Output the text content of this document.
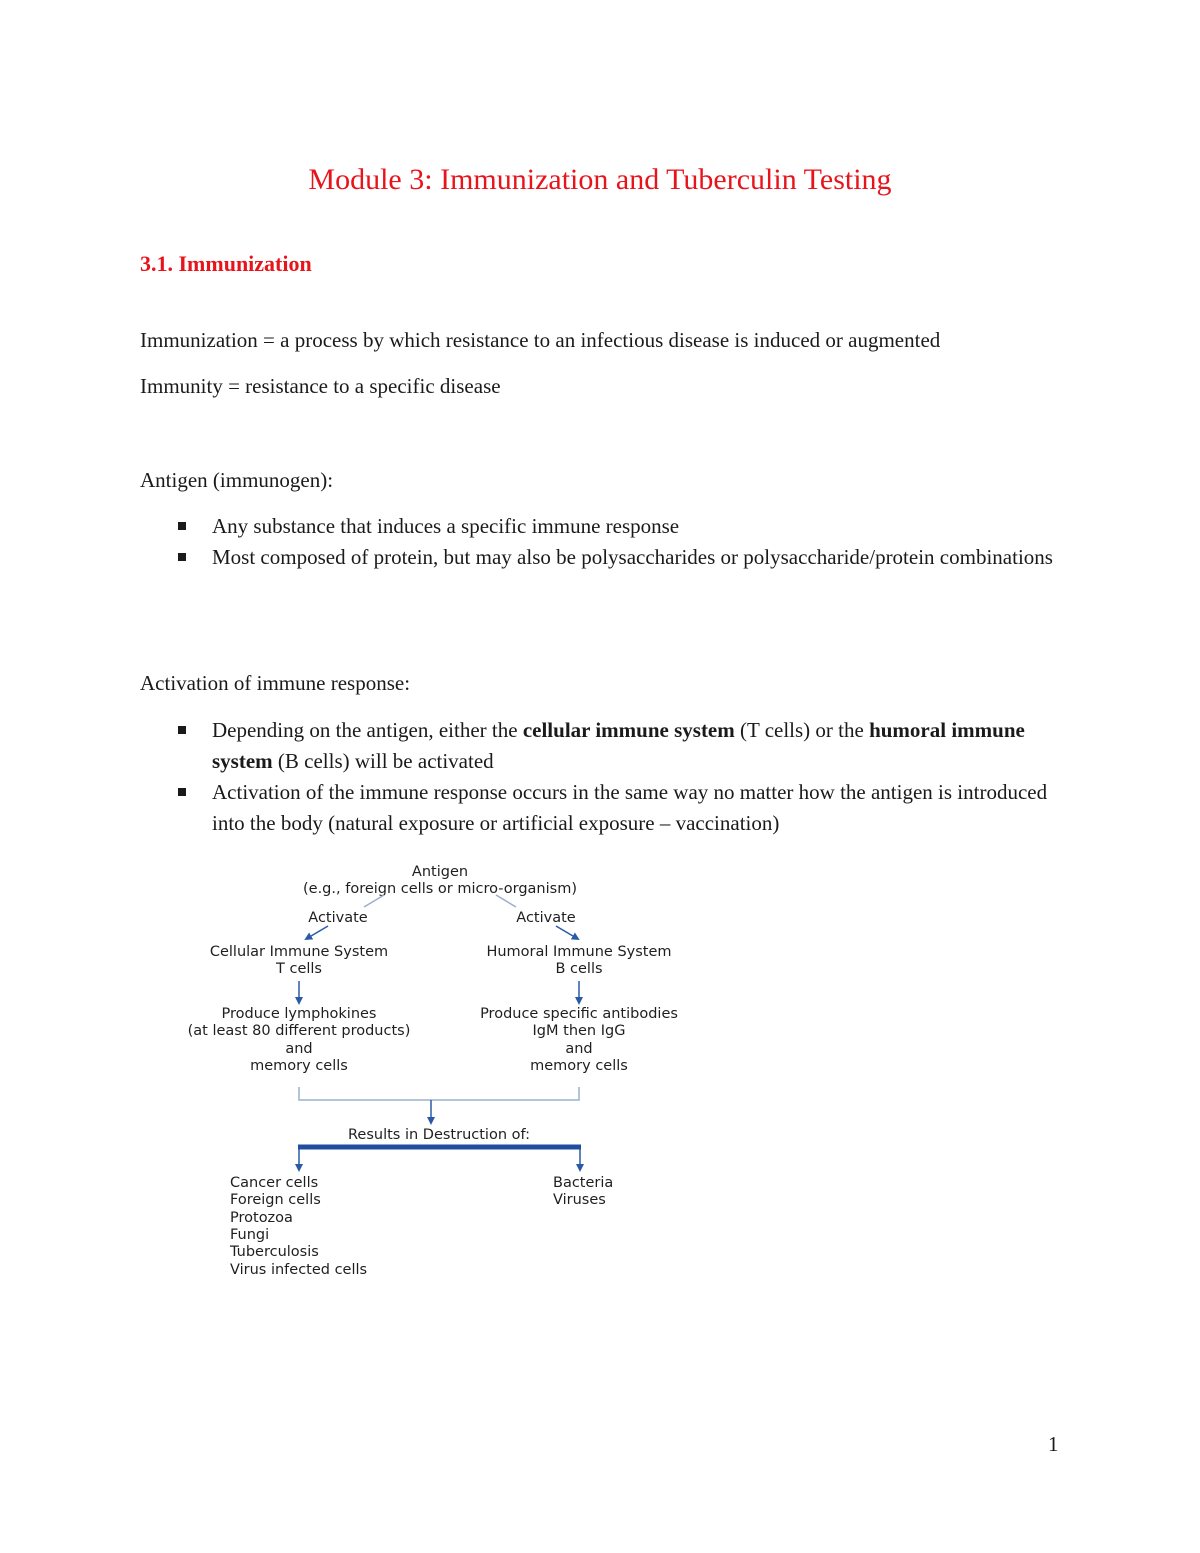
Module 3: Immunization and Tuberculin Testing
3.1. Immunization
Immunization = a process by which resistance to an infectious disease is induced or augmented
Immunity = resistance to a specific disease
Antigen (immunogen):
Any substance that induces a specific immune response
Most composed of protein, but may also be polysaccharides or polysaccharide/protein combinations
Activation of immune response:
Depending on the antigen, either the cellular immune system (T cells) or the humoral immune system (B cells) will be activated
Activation of the immune response occurs in the same way no matter how the antigen is introduced into the body (natural exposure or artificial exposure – vaccination)
Antigen
(e.g., foreign cells or micro-organism)
Activate	Activate
Cellular Immune System
T cells
Humoral Immune System
B cells
Produce lymphokines
(at least 80 different products)
and
memory cells
Produce specific antibodies
IgM then IgG
and
memory cells
Results in Destruction of:
Cancer cells
Foreign cells
Protozoa
Fungi
Tuberculosis
Virus infected cells
Bacteria
Viruses
1
